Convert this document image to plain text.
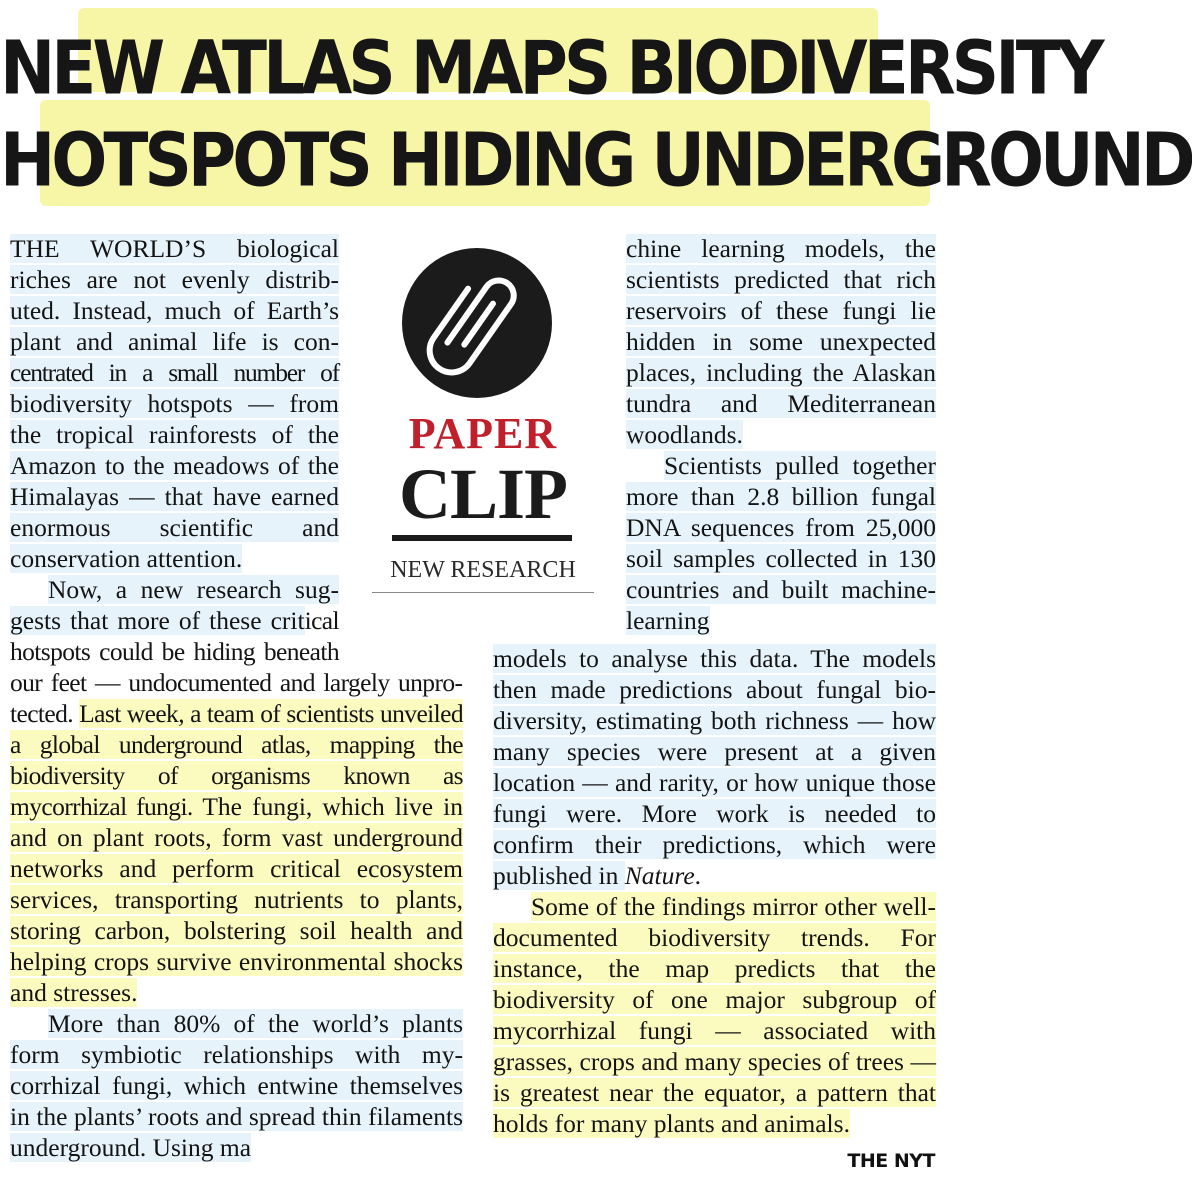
NEW ATLAS MAPS BIODIVERSITY
HOTSPOTS HIDING UNDERGROUND
PAPER
CLIP
NEW RESEARCH

THE WORLD’S biological riches are not evenly distributed. Instead, much of Earth’s plant and animal life is concentrated in a small number of biodiversity hotspots — from the tropical rainforests of the Amazon to the meadows of the Himalayas — that have earned enormous scientific and conservation attention.

Now, a new research suggests that more of these critical hotspots could be hiding beneath our feet — undocumented and largely unprotected. Last week, a team of scientists unveiled a global underground atlas, mapping the biodiversity of organisms known as mycorrhizal fungi. The fungi, which live in and on plant roots, form vast underground networks and perform critical ecosystem services, transporting nutrients to plants, storing carbon, bolstering soil health and helping crops survive environmental shocks and stresses.

More than 80% of the world’s plants form symbiotic relationships with mycorrhizal fungi, which entwine themselves in the plants’ roots and spread thin filaments underground. Using ma

chine learning models, the scientists predicted that rich reservoirs of these fungi lie hidden in some unexpected places, including the Alaskan tundra and Mediterranean woodlands.

Scientists pulled together more than 2.8 billion fungal DNA sequences from 25,000 soil samples collected in 130 countries and built machine-learning

models to analyse this data. The models then made predictions about fungal biodiversity, estimating both richness — how many species were present at a given location — and rarity, or how unique those fungi were. More work is needed to confirm their predictions, which were published in Nature.

Some of the findings mirror other well-documented biodiversity trends. For instance, the map predicts that the biodiversity of one major subgroup of mycorrhizal fungi — associated with grasses, crops and many species of trees — is greatest near the equator, a pattern that holds for many plants and animals.

THE NYT
